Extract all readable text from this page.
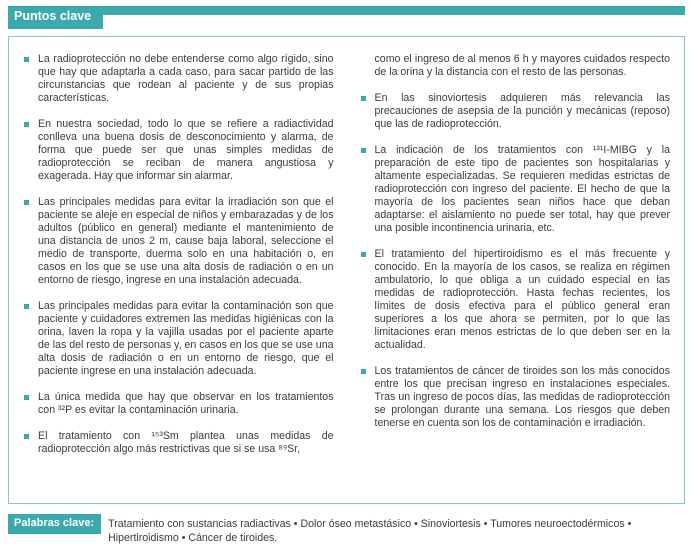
Puntos clave

La radioprotección no debe entenderse como algo rígido, sino que hay que adaptarla a cada caso, para sacar partido de las circunstancias que rodean al paciente y de sus propias características.

En nuestra sociedad, todo lo que se refiere a radiactividad conlleva una buena dosis de desconocimiento y alarma, de forma que puede ser que unas simples medidas de radioprotección se reciban de manera angustiosa y exagerada. Hay que informar sin alarmar.

Las principales medidas para evitar la irradiación son que el paciente se aleje en especial de niños y embarazadas y de los adultos (público en general) mediante el mantenimiento de una distancia de unos 2 m, cause baja laboral, seleccione el medio de transporte, duerma solo en una habitación o, en casos en los que se use una alta dosis de radiación o en un entorno de riesgo, ingrese en una instalación adecuada.

Las principales medidas para evitar la contaminación son que paciente y cuidadores extremen las medidas higiénicas con la orina, laven la ropa y la vajilla usadas por el paciente aparte de las del resto de personas y, en casos en los que se use una alta dosis de radiación o en un entorno de riesgo, que el paciente ingrese en una instalación adecuada.

La única medida que hay que observar en los tratamientos con ³²P es evitar la contaminación urinaria.

El tratamiento con ¹⁵³Sm plantea unas medidas de radioprotección algo más restrictivas que si se usa ⁸⁹Sr,

como el ingreso de al menos 6 h y mayores cuidados respecto de la orina y la distancia con el resto de las personas.

En las sinoviortesis adquieren más relevancia las precauciones de asepsia de la punción y mecánicas (reposo) que las de radioprotección.

La indicación de los tratamientos con ¹³¹I-MIBG y la preparación de este tipo de pacientes son hospitalarias y altamente especializadas. Se requieren medidas estrictas de radioprotección con ingreso del paciente. El hecho de que la mayoría de los pacientes sean niños hace que deban adaptarse: el aislamiento no puede ser total, hay que prever una posible incontinencia urinaria, etc.

El tratamiento del hipertiroidismo es el más frecuente y conocido. En la mayoría de los casos, se realiza en régimen ambulatorio, lo que obliga a un cuidado especial en las medidas de radioprotección. Hasta fechas recientes, los límites de dosis efectiva para el público general eran superiores a los que ahora se permiten, por lo que las limitaciones eran menos estrictas de lo que deben ser en la actualidad.

Los tratamientos de cáncer de tiroides son los más conocidos entre los que precisan ingreso en instalaciones especiales. Tras un ingreso de pocos días, las medidas de radioprotección se prolongan durante una semana. Los riesgos que deben tenerse en cuenta son los de contaminación e irradiación.

Palabras clave:	Tratamiento con sustancias radiactivas • Dolor óseo metastásico • Sinoviortesis • Tumores neuroectodérmicos • Hipertiroidismo • Cáncer de tiroides.
